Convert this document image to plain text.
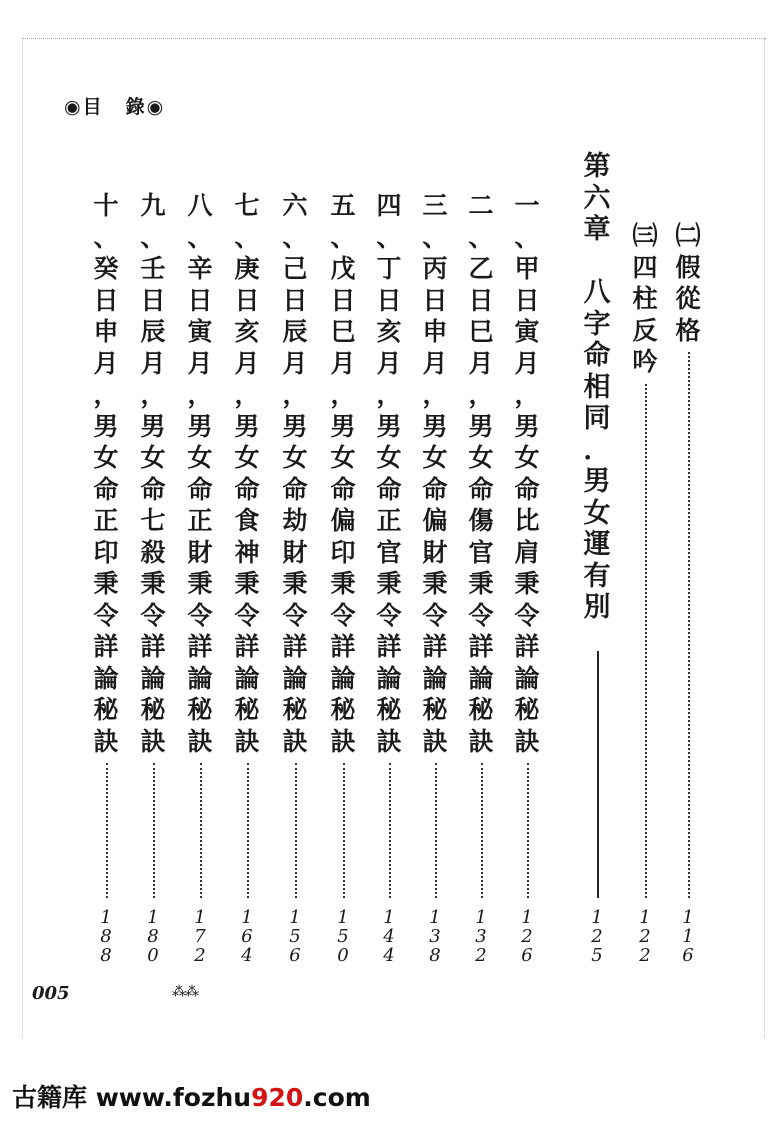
◉目 錄◉
㈡
假
從
格
1
1
6
㈢
四
柱
反
吟
1
2
2
第
六
章

八
字
命
相
同
．
男
女
運
有
別
1
2
5
一
、
甲
日
寅
月
，
男
女
命
比
肩
秉
令
詳
論
秘
訣
1
2
6
二
、
乙
日
巳
月
，
男
女
命
傷
官
秉
令
詳
論
秘
訣
1
3
2
三
、
丙
日
申
月
，
男
女
命
偏
財
秉
令
詳
論
秘
訣
1
3
8
四
、
丁
日
亥
月
，
男
女
命
正
官
秉
令
詳
論
秘
訣
1
4
4
五
、
戊
日
巳
月
，
男
女
命
偏
印
秉
令
詳
論
秘
訣
1
5
0
六
、
己
日
辰
月
，
男
女
命
劫
財
秉
令
詳
論
秘
訣
1
5
6
七
、
庚
日
亥
月
，
男
女
命
食
神
秉
令
詳
論
秘
訣
1
6
4
八
、
辛
日
寅
月
，
男
女
命
正
財
秉
令
詳
論
秘
訣
1
7
2
九
、
壬
日
辰
月
，
男
女
命
七
殺
秉
令
詳
論
秘
訣
1
8
0
十
、
癸
日
申
月
，
男
女
命
正
印
秉
令
詳
論
秘
訣
1
8
8
005	⁂⁂
古籍库 www.fozhu920.com
